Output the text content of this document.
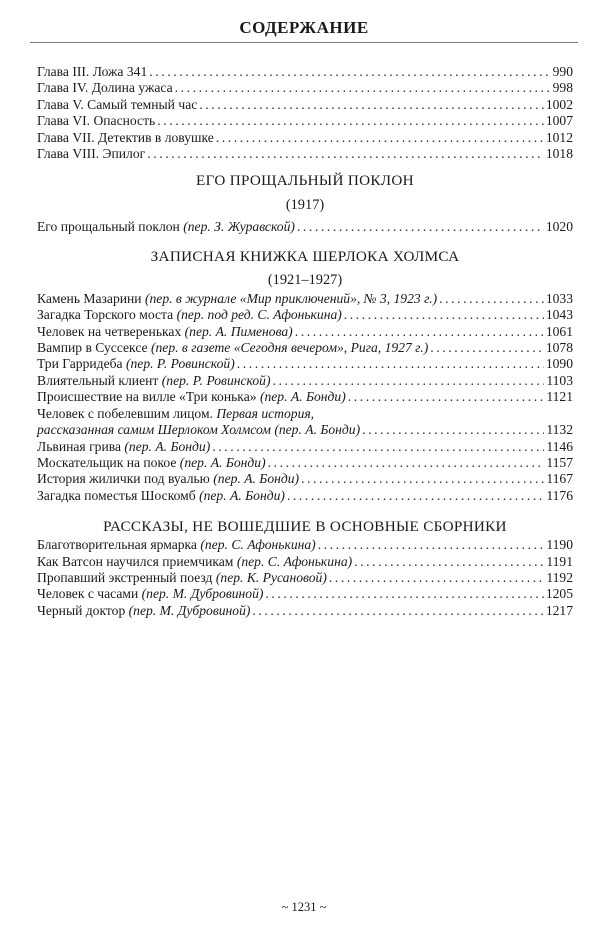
СОДЕРЖАНИЕ
Глава III. Ложа 341 .....	990
Глава IV. Долина ужаса .....	998
Глава V. Самый темный час .....	1002
Глава VI. Опасность .....	1007
Глава VII. Детектив в ловушке .....	1012
Глава VIII. Эпилог .....	1018
ЕГО ПРОЩАЛЬНЫЙ ПОКЛОН
(1917)
Его прощальный поклон (пер. З. Журавской) .....	1020
ЗАПИСНАЯ КНИЖКА ШЕРЛОКА ХОЛМСА
(1921–1927)
Камень Мазарини (пер. в журнале «Мир приключений», № 3, 1923 г.) .....	1033
Загадка Торского моста (пер. под ред. С. Афонькина) .....	1043
Человек на четвереньках (пер. А. Пименова) .....	1061
Вампир в Суссексе (пер. в газете «Сегодня вечером», Рига, 1927 г.) .....	1078
Три Гарридеба (пер. Р. Ровинской) .....	1090
Влиятельный клиент (пер. Р. Ровинской) .....	1103
Происшествие на вилле «Три конька» (пер. А. Бонди) .....	1121
Человек с побелевшим лицом. Первая история,
рассказанная самим Шерлоком Холмсом (пер. А. Бонди) .....	1132
Львиная грива (пер. А. Бонди) .....	1146
Москательщик на покое (пер. А. Бонди) .....	1157
История жилички под вуалью (пер. А. Бонди) .....	1167
Загадка поместья Шоскомб (пер. А. Бонди) .....	1176
РАССКАЗЫ, НЕ ВОШЕДШИЕ В ОСНОВНЫЕ СБОРНИКИ
Благотворительная ярмарка (пер. С. Афонькина) .....	1190
Как Ватсон научился приемчикам (пер. С. Афонькина) .....	1191
Пропавший экстренный поезд (пер. К. Русановой) .....	1192
Человек с часами (пер. М. Дубровиной) .....	1205
Черный доктор (пер. М. Дубровиной) .....	1217
~ 1231 ~
